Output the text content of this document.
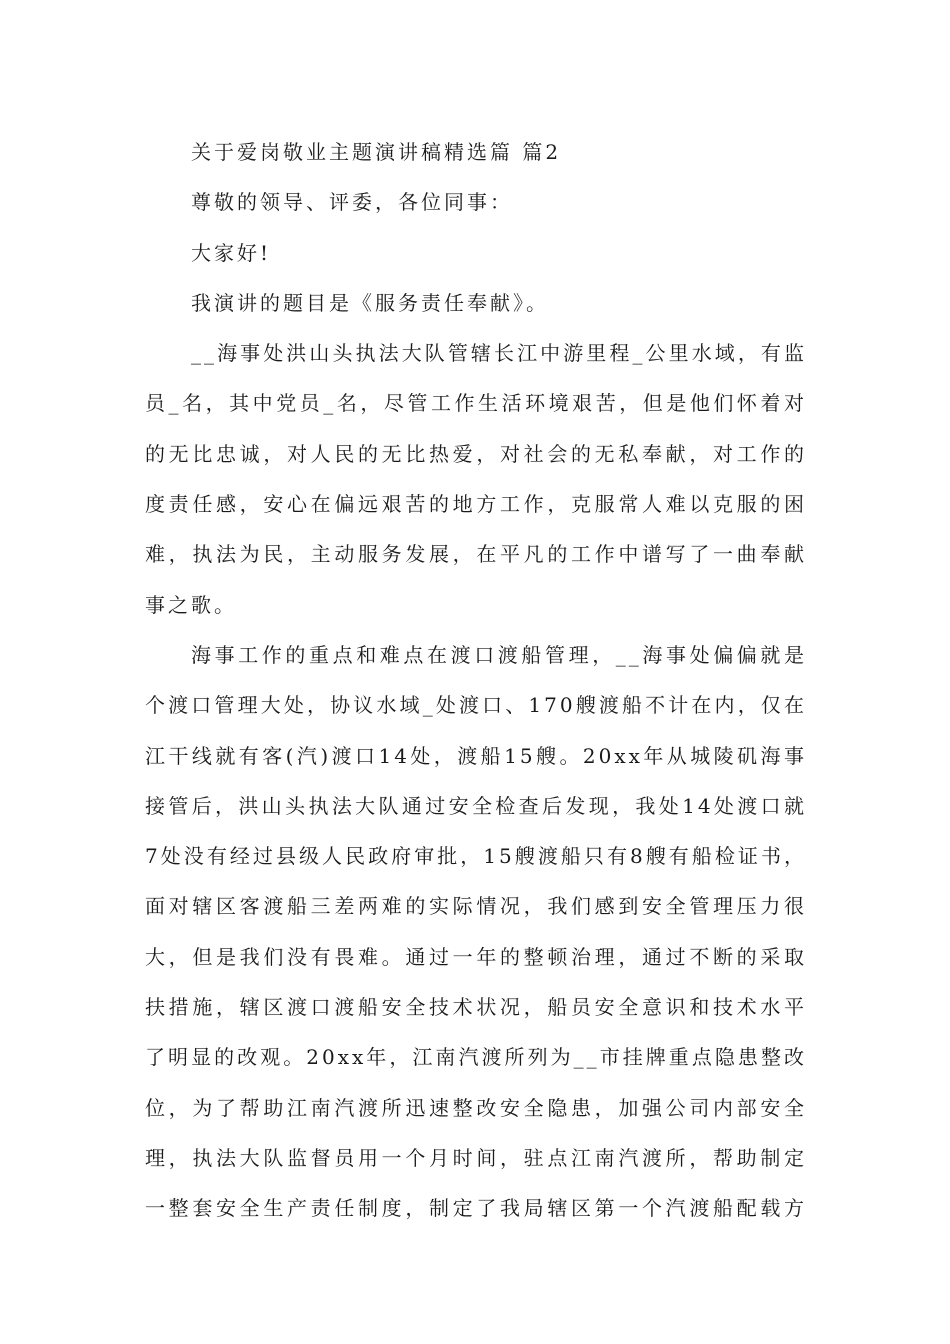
关于爱岗敬业主题演讲稿精选篇 篇2
尊敬的领导、评委，各位同事：
大家好!
我演讲的题目是《服务责任奉献》。
__海事处洪山头执法大队管辖长江中游里程_公里水域，有监
员_名，其中党员_名，尽管工作生活环境艰苦，但是他们怀着对
的无比忠诚，对人民的无比热爱，对社会的无私奉献，对工作的
度责任感，安心在偏远艰苦的地方工作，克服常人难以克服的困
难，执法为民，主动服务发展，在平凡的工作中谱写了一曲奉献
事之歌。
海事工作的重点和难点在渡口渡船管理，__海事处偏偏就是
个渡口管理大处，协议水域_处渡口、170艘渡船不计在内，仅在
江干线就有客(汽)渡口14处，渡船15艘。20xx年从城陵矶海事
接管后，洪山头执法大队通过安全检查后发现，我处14处渡口就
7处没有经过县级人民政府审批，15艘渡船只有8艘有船检证书，
面对辖区客渡船三差两难的实际情况，我们感到安全管理压力很
大，但是我们没有畏难。通过一年的整顿治理，通过不断的采取
扶措施，辖区渡口渡船安全技术状况，船员安全意识和技术水平
了明显的改观。20xx年，江南汽渡所列为__市挂牌重点隐患整改
位，为了帮助江南汽渡所迅速整改安全隐患，加强公司内部安全
理，执法大队监督员用一个月时间，驻点江南汽渡所，帮助制定
一整套安全生产责任制度，制定了我局辖区第一个汽渡船配载方
